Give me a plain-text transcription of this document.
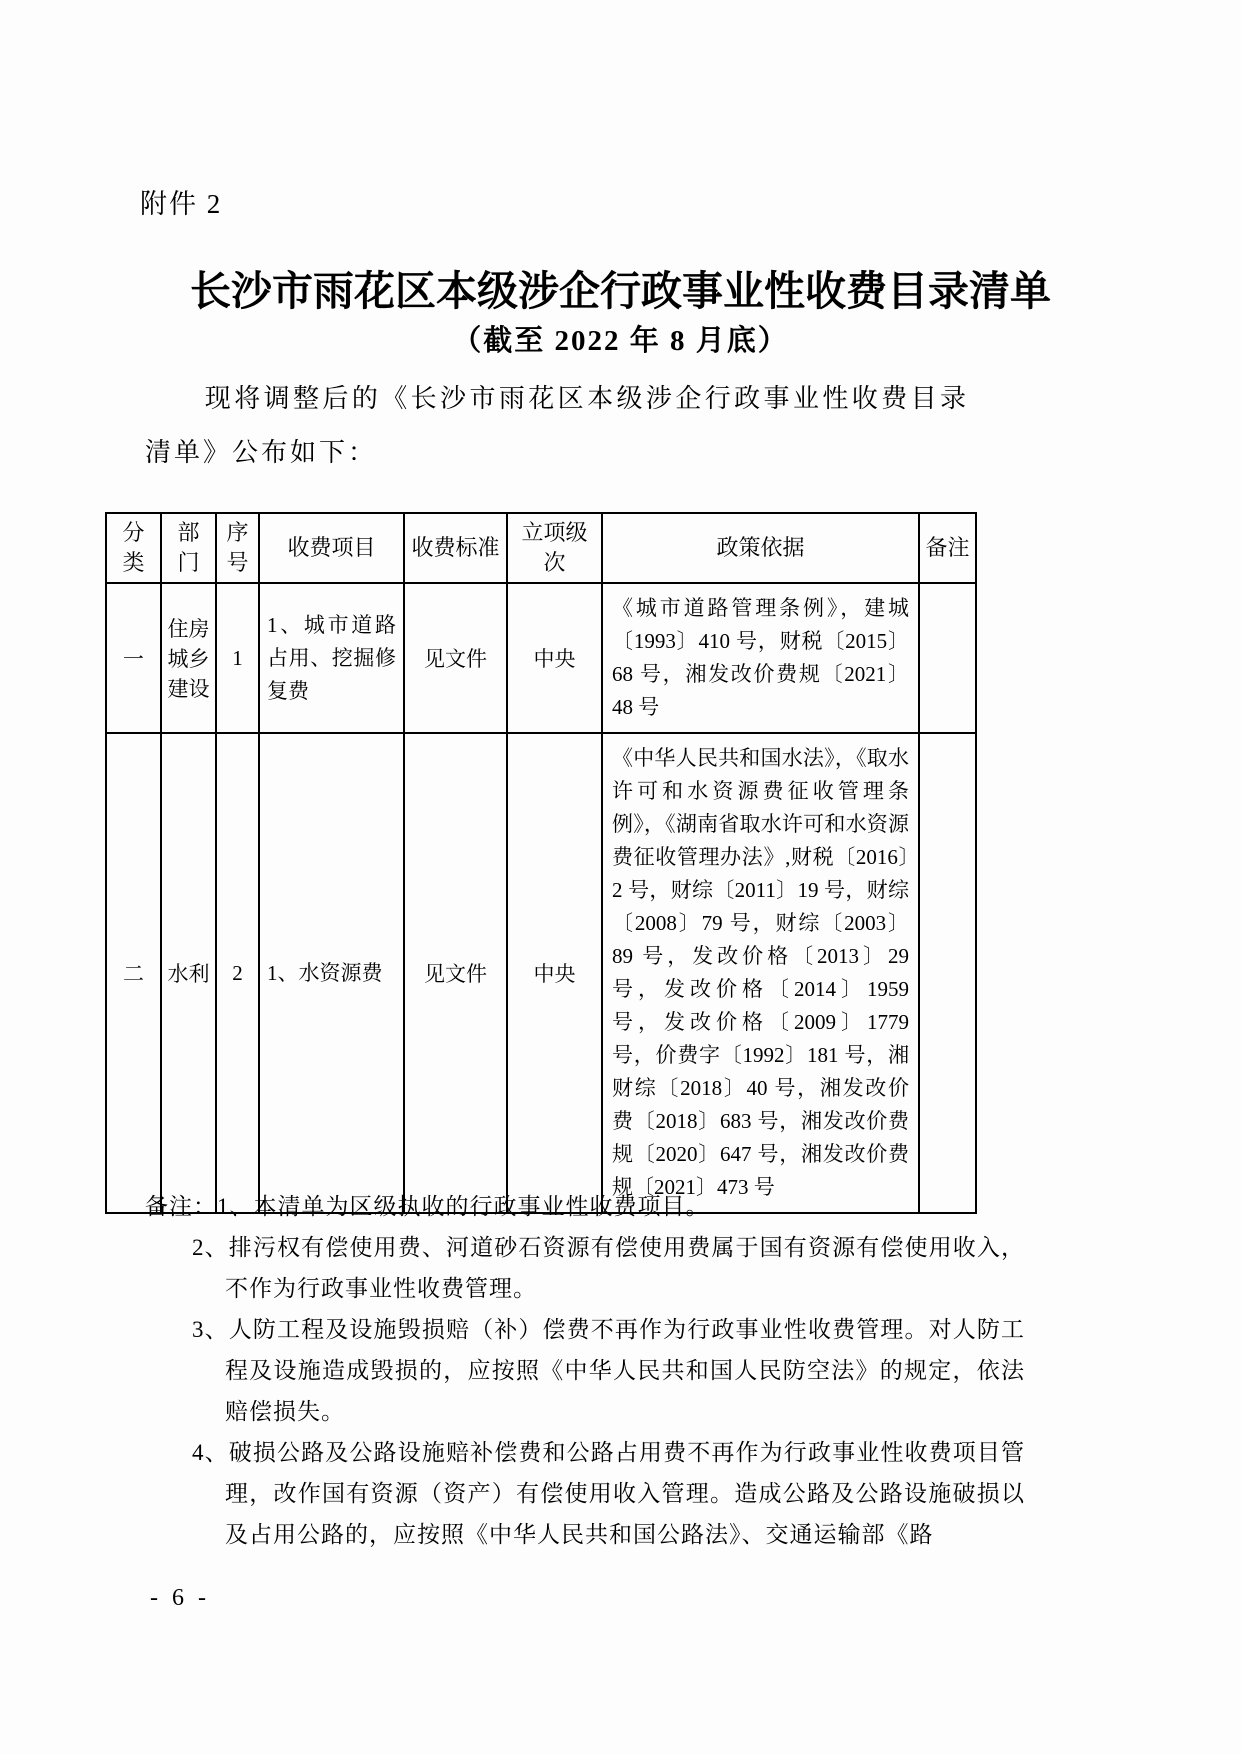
附件 2
长沙市雨花区本级涉企行政事业性收费目录清单
（截至 2022 年 8 月底）
现将调整后的《长沙市雨花区本级涉企行政事业性收费目录清单》公布如下：
分类	部门	序号	收费项目	收费标准	立项级次	政策依据	备注
一	住房城乡建设	1	1、城市道路占用、挖掘修复费	见文件	中央	《城市道路管理条例》，建城〔1993〕410 号，财税〔2015〕68 号，湘发改价费规〔2021〕48 号	
二	水利	2	1、水资源费	见文件	中央	《中华人民共和国水法》，《取水许可和水资源费征收管理条例》，《湖南省取水许可和水资源费征收管理办法》,财税〔2016〕2 号，财综〔2011〕19 号，财综〔2008〕79 号，财综〔2003〕89 号，发改价格〔2013〕29 号，发改价格〔2014〕1959 号，发改价格〔2009〕1779 号，价费字〔1992〕181 号，湘财综〔2018〕40 号，湘发改价费〔2018〕683 号，湘发改价费规〔2020〕647 号，湘发改价费规〔2021〕473 号	
备注：1、本清单为区级执收的行政事业性收费项目。
2、排污权有偿使用费、河道砂石资源有偿使用费属于国有资源有偿使用收入，不作为行政事业性收费管理。
3、人防工程及设施毁损赔（补）偿费不再作为行政事业性收费管理。对人防工程及设施造成毁损的，应按照《中华人民共和国人民防空法》的规定，依法赔偿损失。
4、破损公路及公路设施赔补偿费和公路占用费不再作为行政事业性收费项目管理，改作国有资源（资产）有偿使用收入管理。造成公路及公路设施破损以及占用公路的，应按照《中华人民共和国公路法》、交通运输部《路
- 6 -
